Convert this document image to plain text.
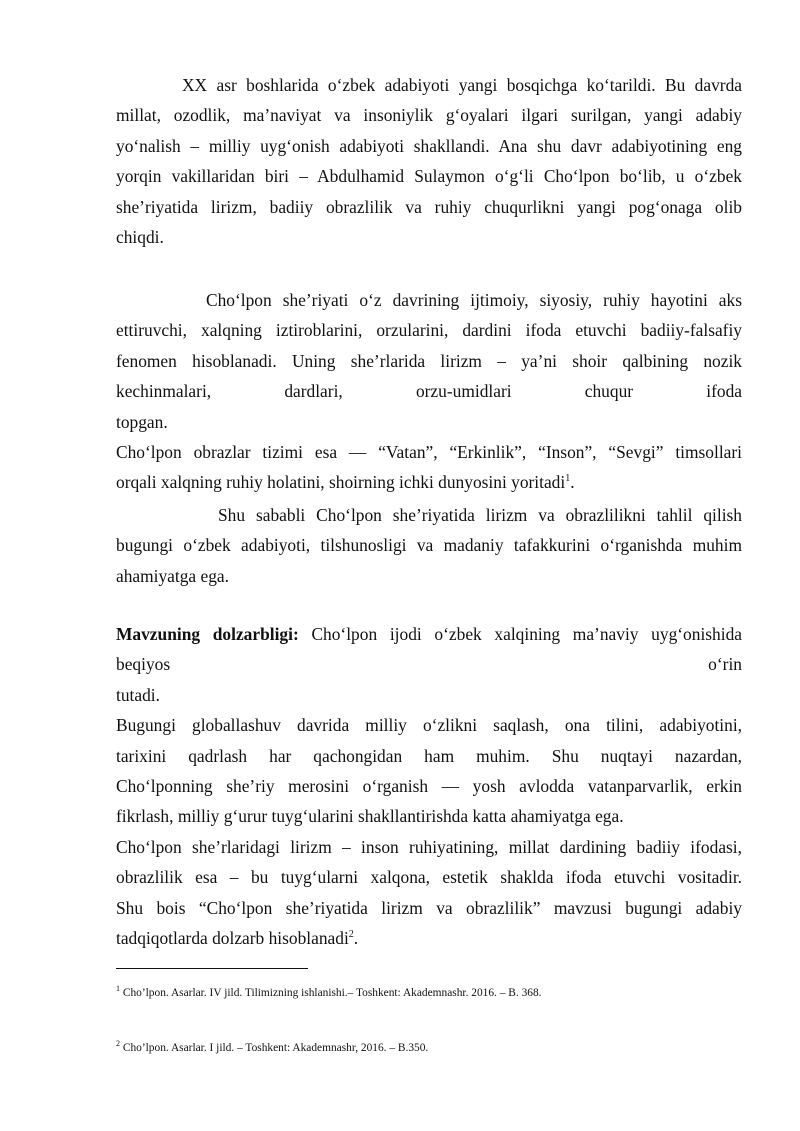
XX asr boshlarida o‘zbek adabiyoti yangi bosqichga ko‘tarildi. Bu davrda
millat, ozodlik, ma’naviyat va insoniylik g‘oyalari ilgari surilgan, yangi adabiy
yo‘nalish – milliy uyg‘onish adabiyoti shakllandi. Ana shu davr adabiyotining eng
yorqin vakillaridan biri – Abdulhamid Sulaymon o‘g‘li Cho‘lpon bo‘lib, u o‘zbek
she’riyatida lirizm, badiiy obrazlilik va ruhiy chuqurlikni yangi pog‘onaga olib
chiqdi.
Cho‘lpon she’riyati o‘z davrining ijtimoiy, siyosiy, ruhiy hayotini aks
ettiruvchi, xalqning iztiroblarini, orzularini, dardini ifoda etuvchi badiiy-falsafiy
fenomen hisoblanadi. Uning she’rlarida lirizm – ya’ni shoir qalbining nozik
kechinmalari, dardlari, orzu-umidlari chuqur ifoda topgan.
Cho‘lpon obrazlar tizimi esa — “Vatan”, “Erkinlik”, “Inson”, “Sevgi” timsollari
orqali xalqning ruhiy holatini, shoirning ichki dunyosini yoritadi$^1$.
Shu sababli Cho‘lpon she’riyatida lirizm va obrazlilikni tahlil qilish
bugungi o‘zbek adabiyoti, tilshunosligi va madaniy tafakkurini o‘rganishda muhim
ahamiyatga ega.
Mavzuning dolzarbligi: Cho‘lpon ijodi o‘zbek xalqining ma’naviy uyg‘onishida
beqiyos o‘rin tutadi.
Bugungi globallashuv davrida milliy o‘zlikni saqlash, ona tilini, adabiyotini,
tarixini qadrlash har qachongidan ham muhim. Shu nuqtayi nazardan,
Cho‘lponning she’riy merosini o‘rganish — yosh avlodda vatanparvarlik, erkin
fikrlash, milliy g‘urur tuyg‘ularini shakllantirishda katta ahamiyatga ega.
Cho‘lpon she’rlaridagi lirizm – inson ruhiyatining, millat dardining badiiy ifodasi,
obrazlilik esa – bu tuyg‘ularni xalqona, estetik shaklda ifoda etuvchi vositadir.
Shu bois “Cho‘lpon she’riyatida lirizm va obrazlilik” mavzusi bugungi adabiy
tadqiqotlarda dolzarb hisoblanadi$^2$.
$^1$ Cho’lpon. Asarlar. IV jild. Tilimizning ishlanishi.– Toshkent: Akademnashr. 2016. – B. 368.
$^2$ Cho’lpon. Asarlar. I jild. – Toshkent: Akademnashr, 2016. – B.350.
